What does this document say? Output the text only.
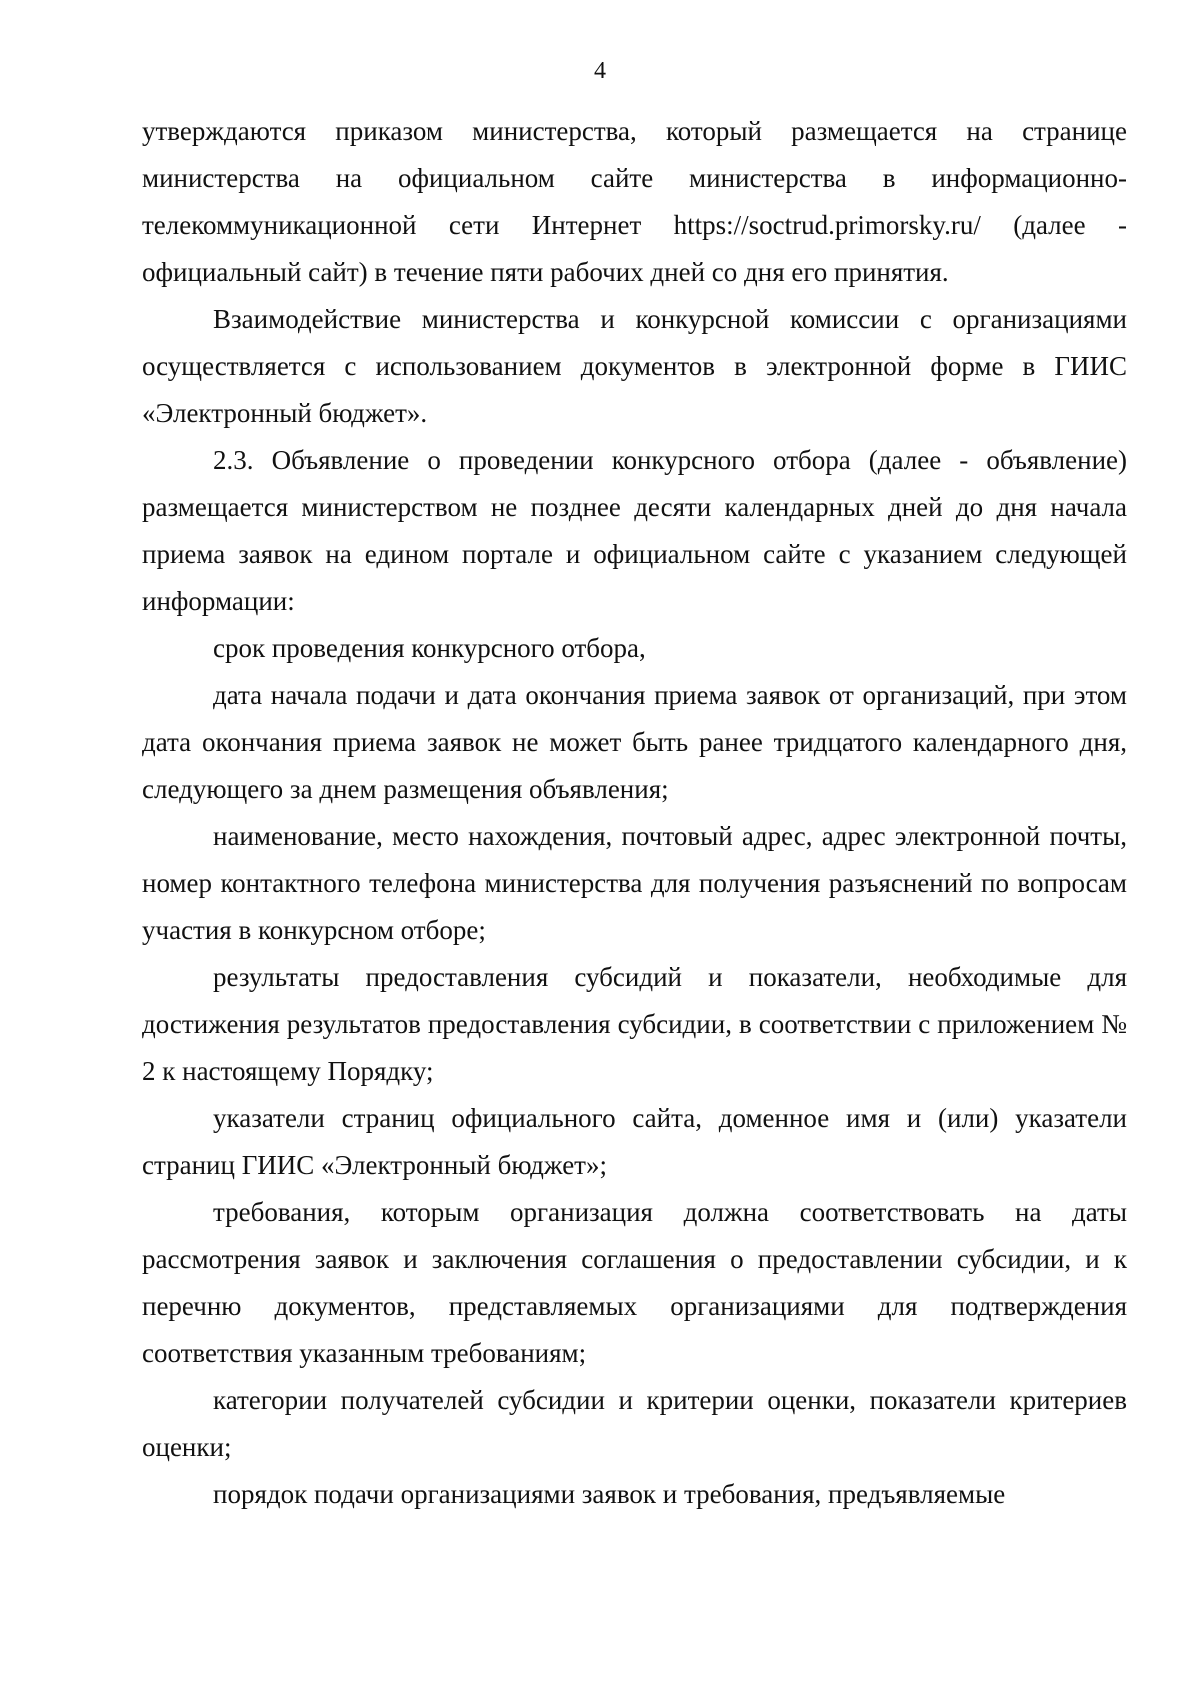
4

утверждаются приказом министерства, который размещается на странице министерства на официальном сайте министерства в информационно-телекоммуникационной сети Интернет https://soctrud.primorsky.ru/ (далее - официальный сайт) в течение пяти рабочих дней со дня его принятия.

Взаимодействие министерства и конкурсной комиссии с организациями осуществляется с использованием документов в электронной форме в ГИИС «Электронный бюджет».

2.3. Объявление о проведении конкурсного отбора (далее - объявление) размещается министерством не позднее десяти календарных дней до дня начала приема заявок на едином портале и официальном сайте с указанием следующей информации:

срок проведения конкурсного отбора,

дата начала подачи и дата окончания приема заявок от организаций, при этом дата окончания приема заявок не может быть ранее тридцатого календарного дня, следующего за днем размещения объявления;

наименование, место нахождения, почтовый адрес, адрес электронной почты, номер контактного телефона министерства для получения разъяснений по вопросам участия в конкурсном отборе;

результаты предоставления субсидий и показатели, необходимые для достижения результатов предоставления субсидии, в соответствии с приложением № 2 к настоящему Порядку;

указатели страниц официального сайта, доменное имя и (или) указатели страниц ГИИС «Электронный бюджет»;

требования, которым организация должна соответствовать на даты рассмотрения заявок и заключения соглашения о предоставлении субсидии, и к перечню документов, представляемых организациями для подтверждения соответствия указанным требованиям;

категории получателей субсидии и критерии оценки, показатели критериев оценки;

порядок подачи организациями заявок и требования, предъявляемые
